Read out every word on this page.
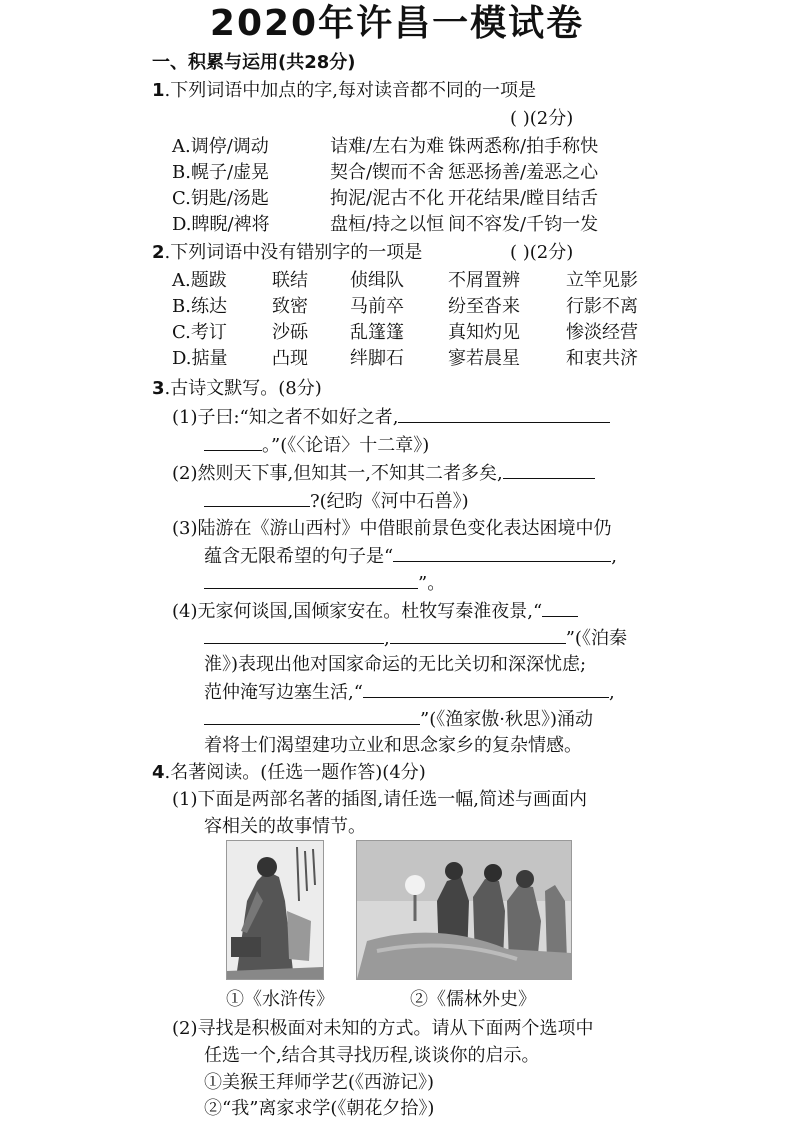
2020年许昌一模试卷
一、积累与运用(共28分)
1.下列词语中加点的字,每对读音都不同的一项是
( )(2分)
A.调停/调动	诘难/左右为难 铢两悉称/拍手称快
B.幌子/虚晃	契合/锲而不舍 惩恶扬善/羞恶之心
C.钥匙/汤匙	拘泥/泥古不化 开花结果/瞠目结舌
D.睥睨/裨将	盘桓/持之以恒 间不容发/千钧一发
2.下列词语中没有错别字的一项是	( )(2分)
A.题跋	联结 侦缉队 不屑置辨	立竿见影
B.练达	致密 马前卒 纷至沓来	行影不离
C.考订	沙砾 乱篷篷 真知灼见	惨淡经营
D.掂量 凸现 绊脚石 寥若晨星	和衷共济
3.古诗文默写。(8分)
(1)子曰:“知之者不如好之者,
。”(《〈论语〉十二章》)
(2)然则天下事,但知其一,不知其二者多矣,
?(纪昀《河中石兽》)
(3)陆游在《游山西村》中借眼前景色变化表达困境中仍
蕴含无限希望的句子是“	,
”。
(4)无家何谈国,国倾家安在。杜牧写秦淮夜景,“
,	”(《泊秦
淮》)表现出他对国家命运的无比关切和深深忧虑;
范仲淹写边塞生活,“	,
”(《渔家傲·秋思》)涌动
着将士们渴望建功立业和思念家乡的复杂情感。
4.名著阅读。(任选一题作答)(4分)
(1)下面是两部名著的插图,请任选一幅,简述与画面内
容相关的故事情节。
①《水浒传》	②《儒林外史》
(2)寻找是积极面对未知的方式。请从下面两个选项中
任选一个,结合其寻找历程,谈谈你的启示。
①美猴王拜师学艺(《西游记》)
②“我”离家求学(《朝花夕拾》)
